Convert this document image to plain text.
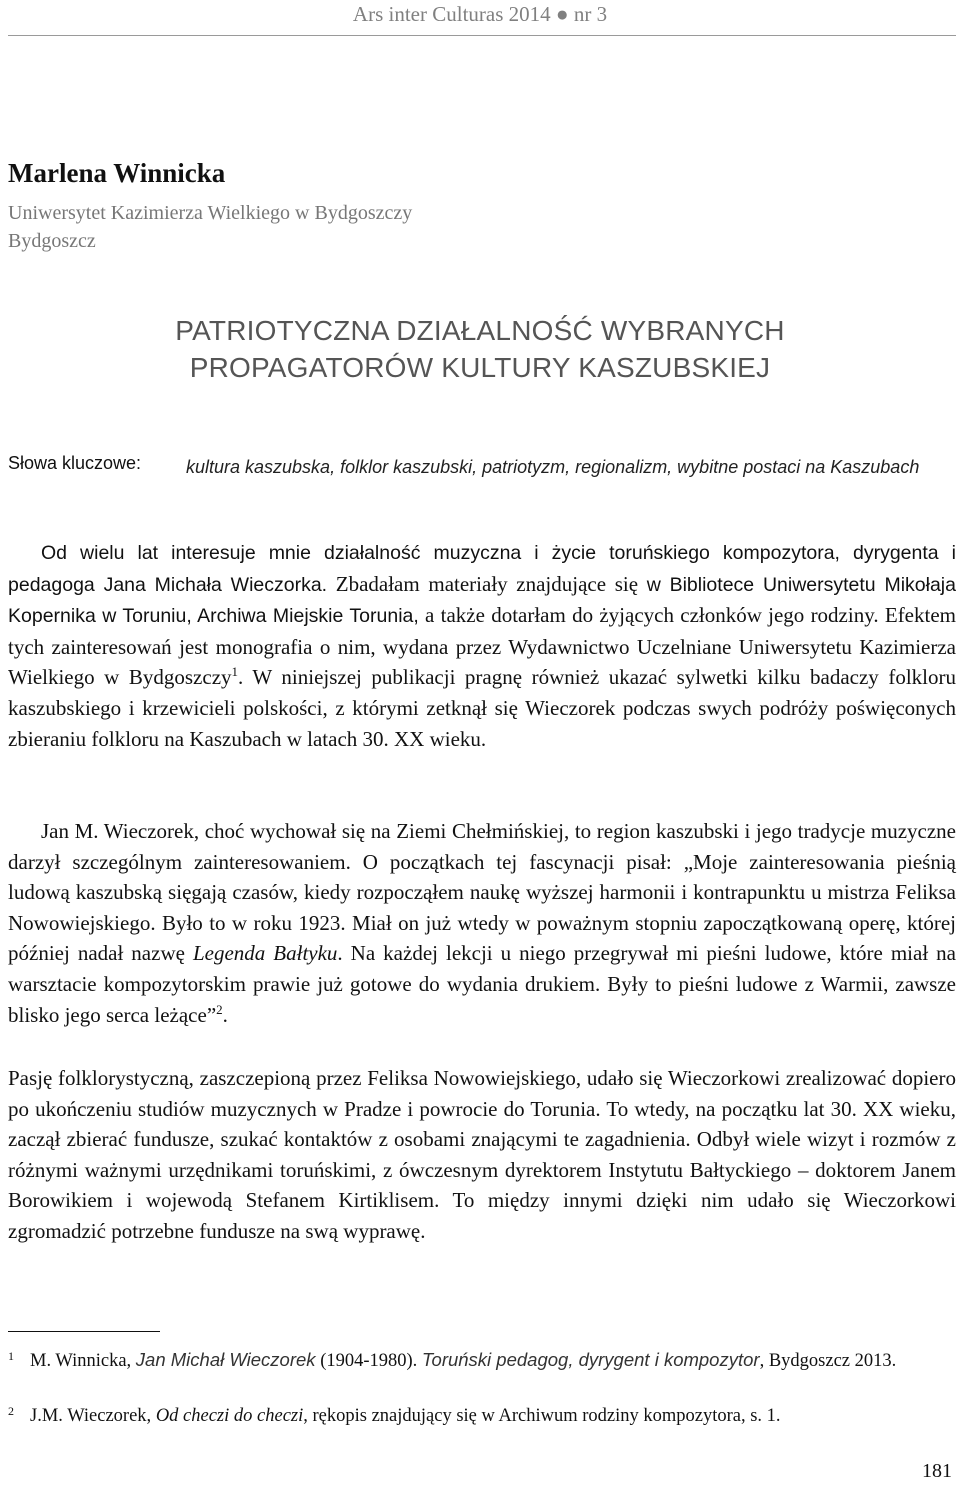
Ars inter Culturas 2014 ● nr 3
Marlena Winnicka
Uniwersytet Kazimierza Wielkiego w Bydgoszczy
Bydgoszcz
PATRIOTYCZNA DZIAŁALNOŚĆ WYBRANYCH
PROPAGATORÓW KULTURY KASZUBSKIEJ
Słowa kluczowe: kultura kaszubska, folklor kaszubski, patriotyzm, regionalizm, wybitne postaci na Kaszubach
Od wielu lat interesuje mnie działalność muzyczna i życie toruńskiego kompozytora, dyrygenta i pedagoga Jana Michała Wieczorka. Zbadałam materiały znajdujące się w Bibliotece Uniwersytetu Mikołaja Kopernika w Toruniu, Archiwa Miejskie Torunia, a także dotarłam do żyjących członków jego rodziny. Efektem tych zainteresowań jest monografia o nim, wydana przez Wydawnictwo Uczelniane Uniwersytetu Kazimierza Wielkiego w Bydgoszczy$^1$. W niniejszej publikacji pragnę również ukazać sylwetki kilku badaczy folkloru kaszubskiego i krzewicieli polskości, z którymi zetknął się Wieczorek podczas swych podróży poświęconych zbieraniu folkloru na Kaszubach w latach 30. XX wieku.
Jan M. Wieczorek, choć wychował się na Ziemi Chełmińskiej, to region kaszubski i jego tradycje muzyczne darzył szczególnym zainteresowaniem. O początkach tej fascynacji pisał: „Moje zainteresowania pieśnią ludową kaszubską sięgają czasów, kiedy rozpocząłem naukę wyższej harmonii i kontrapunktu u mistrza Feliksa Nowowiejskiego. Było to w roku 1923. Miał on już wtedy w poważnym stopniu zapoczątkowaną operę, której później nadał nazwę Legenda Bałtyku. Na każdej lekcji u niego przegrywał mi pieśni ludowe, które miał na warsztacie kompozytorskim prawie już gotowe do wydania drukiem. Były to pieśni ludowe z Warmii, zawsze blisko jego serca leżące”$^2$.
Pasję folklorystyczną, zaszczepioną przez Feliksa Nowowiejskiego, udało się Wieczorkowi zrealizować dopiero po ukończeniu studiów muzycznych w Pradze i powrocie do Torunia. To wtedy, na początku lat 30. XX wieku, zaczął zbierać fundusze, szukać kontaktów z osobami znającymi te zagadnienia. Odbył wiele wizyt i rozmów z różnymi ważnymi urzędnikami toruńskimi, z ówczesnym dyrektorem Instytutu Bałtyckiego – doktorem Janem Borowikiem i wojewodą Stefanem Kirtiklisem. To między innymi dzięki nim udało się Wieczorkowi zgromadzić potrzebne fundusze na swą wyprawę.
1 M. Winnicka, Jan Michał Wieczorek (1904-1980). Toruński pedagog, dyrygent i kompozytor, Bydgoszcz 2013.
2 J.M. Wieczorek, Od checzi do checzi, rękopis znajdujący się w Archiwum rodziny kompozytora, s. 1.
181
